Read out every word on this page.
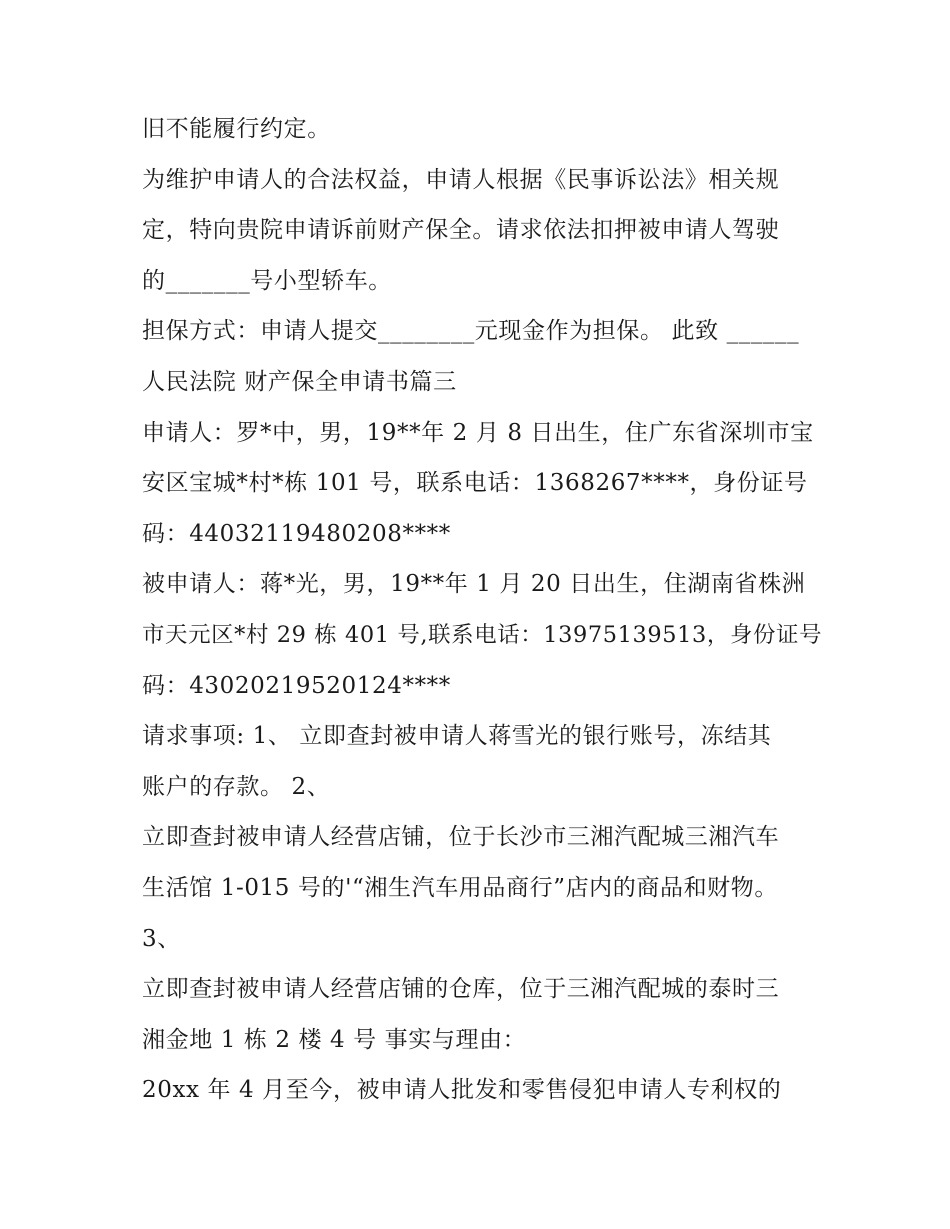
旧不能履行约定。
为维护申请人的合法权益，申请人根据《民事诉讼法》相关规
定，特向贵院申请诉前财产保全。请求依法扣押被申请人驾驶
的_______号小型轿车。
担保方式：申请人提交________元现金作为担保。 此致 ______
人民法院 财产保全申请书篇三
申请人：罗*中，男，19**年 2 月 8 日出生，住广东省深圳市宝
安区宝城*村*栋 101 号，联系电话：1368267****，身份证号
码：44032119480208****
被申请人：蒋*光，男，19**年 1 月 20 日出生，住湖南省株洲
市天元区*村 29 栋 401 号,联系电话：13975139513，身份证号
码：43020219520124****
请求事项: 1、 立即查封被申请人蒋雪光的银行账号，冻结其
账户的存款。 2、
立即查封被申请人经营店铺，位于长沙市三湘汽配城三湘汽车
生活馆 1-015 号的'“湘生汽车用品商行”店内的商品和财物。
3、
立即查封被申请人经营店铺的仓库，位于三湘汽配城的泰时三
湘金地 1 栋 2 楼 4 号 事实与理由：
20xx 年 4 月至今，被申请人批发和零售侵犯申请人专利权的
